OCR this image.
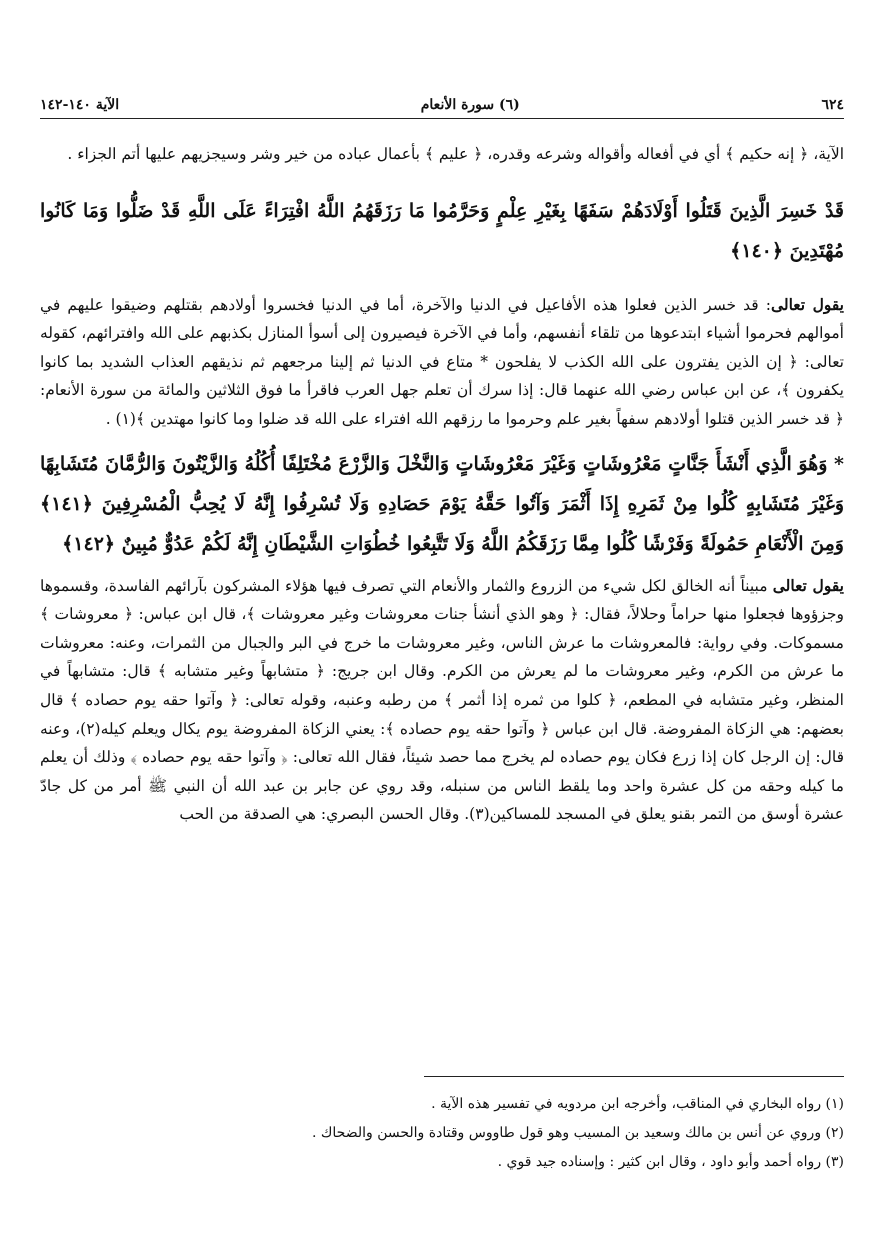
٦٢٤
(٦) سورة الأنعام
الآية ١٤٠-١٤٢

الآية، ﴿ إنه حكيم ﴾ أي في أفعاله وأقواله وشرعه وقدره، ﴿ عليم ﴾ بأعمال عباده من خير وشر وسيجزيهم عليها أتم الجزاء .

قَدْ خَسِرَ الَّذِينَ قَتَلُوا أَوْلَادَهُمْ سَفَهًا بِغَيْرِ عِلْمٍ وَحَرَّمُوا مَا رَزَقَهُمُ اللَّهُ افْتِرَاءً عَلَى اللَّهِ قَدْ ضَلُّوا وَمَا كَانُوا مُهْتَدِينَ ﴿١٤٠﴾

يقول تعالى: قد خسر الذين فعلوا هذه الأفاعيل في الدنيا والآخرة، أما في الدنيا فخسروا أولادهم بقتلهم وضيقوا عليهم في أموالهم فحرموا أشياء ابتدعوها من تلقاء أنفسهم، وأما في الآخرة فيصيرون إلى أسوأ المنازل بكذبهم على الله وافترائهم، كقوله تعالى: ﴿ إن الذين يفترون على الله الكذب لا يفلحون * متاع في الدنيا ثم إلينا مرجعهم ثم نذيقهم العذاب الشديد بما كانوا يكفرون ﴾، عن ابن عباس رضي الله عنهما قال: إذا سرك أن تعلم جهل العرب فاقرأ ما فوق الثلاثين والمائة من سورة الأنعام: ﴿ قد خسر الذين قتلوا أولادهم سفهاً بغير علم وحرموا ما رزقهم الله افتراء على الله قد ضلوا وما كانوا مهتدين ﴾(١) .

* وَهُوَ الَّذِي أَنْشَأَ جَنَّاتٍ مَعْرُوشَاتٍ وَغَيْرَ مَعْرُوشَاتٍ وَالنَّخْلَ وَالزَّرْعَ مُخْتَلِفًا أُكُلُهُ وَالزَّيْتُونَ وَالرُّمَّانَ مُتَشَابِهًا وَغَيْرَ مُتَشَابِهٍ كُلُوا مِنْ ثَمَرِهِ إِذَا أَثْمَرَ وَآتُوا حَقَّهُ يَوْمَ حَصَادِهِ وَلَا تُسْرِفُوا إِنَّهُ لَا يُحِبُّ الْمُسْرِفِينَ ﴿١٤١﴾ وَمِنَ الْأَنْعَامِ حَمُولَةً وَفَرْشًا كُلُوا مِمَّا رَزَقَكُمُ اللَّهُ وَلَا تَتَّبِعُوا خُطُوَاتِ الشَّيْطَانِ إِنَّهُ لَكُمْ عَدُوٌّ مُبِينٌ ﴿١٤٢﴾

يقول تعالى مبيناً أنه الخالق لكل شيء من الزروع والثمار والأنعام التي تصرف فيها هؤلاء المشركون بآرائهم الفاسدة، وقسموها وجزؤوها فجعلوا منها حراماً وحلالاً، فقال: ﴿ وهو الذي أنشأ جنات معروشات وغير معروشات ﴾، قال ابن عباس: ﴿ معروشات ﴾ مسموكات. وفي رواية: فالمعروشات ما عرش الناس، وغير معروشات ما خرج في البر والجبال من الثمرات، وعنه: معروشات ما عرش من الكرم، وغير معروشات ما لم يعرش من الكرم. وقال ابن جريج: ﴿ متشابهاً وغير متشابه ﴾ قال: متشابهاً في المنظر، وغير متشابه في المطعم، ﴿ كلوا من ثمره إذا أثمر ﴾ من رطبه وعنبه، وقوله تعالى: ﴿ وآتوا حقه يوم حصاده ﴾ قال بعضهم: هي الزكاة المفروضة. قال ابن عباس ﴿ وآتوا حقه يوم حصاده ﴾: يعني الزكاة المفروضة يوم يكال ويعلم كيله(٢)، وعنه قال: إن الرجل كان إذا زرع فكان يوم حصاده لم يخرج مما حصد شيئاً، فقال الله تعالى: ﴿ وآتوا حقه يوم حصاده ﴾ وذلك أن يعلم ما كيله وحقه من كل عشرة واحد وما يلقط الناس من سنبله، وقد روي عن جابر بن عبد الله أن النبي ﷺ أمر من كل جادّ عشرة أوسق من التمر بقنو يعلق في المسجد للمساكين(٣). وقال الحسن البصري: هي الصدقة من الحب

(١) رواه البخاري في المناقب، وأخرجه ابن مردويه في تفسير هذه الآية .

(٢) وروي عن أنس بن مالك وسعيد بن المسيب وهو قول طاووس وقتادة والحسن والضحاك .

(٣) رواه أحمد وأبو داود ، وقال ابن كثير : وإسناده جيد قوي .
